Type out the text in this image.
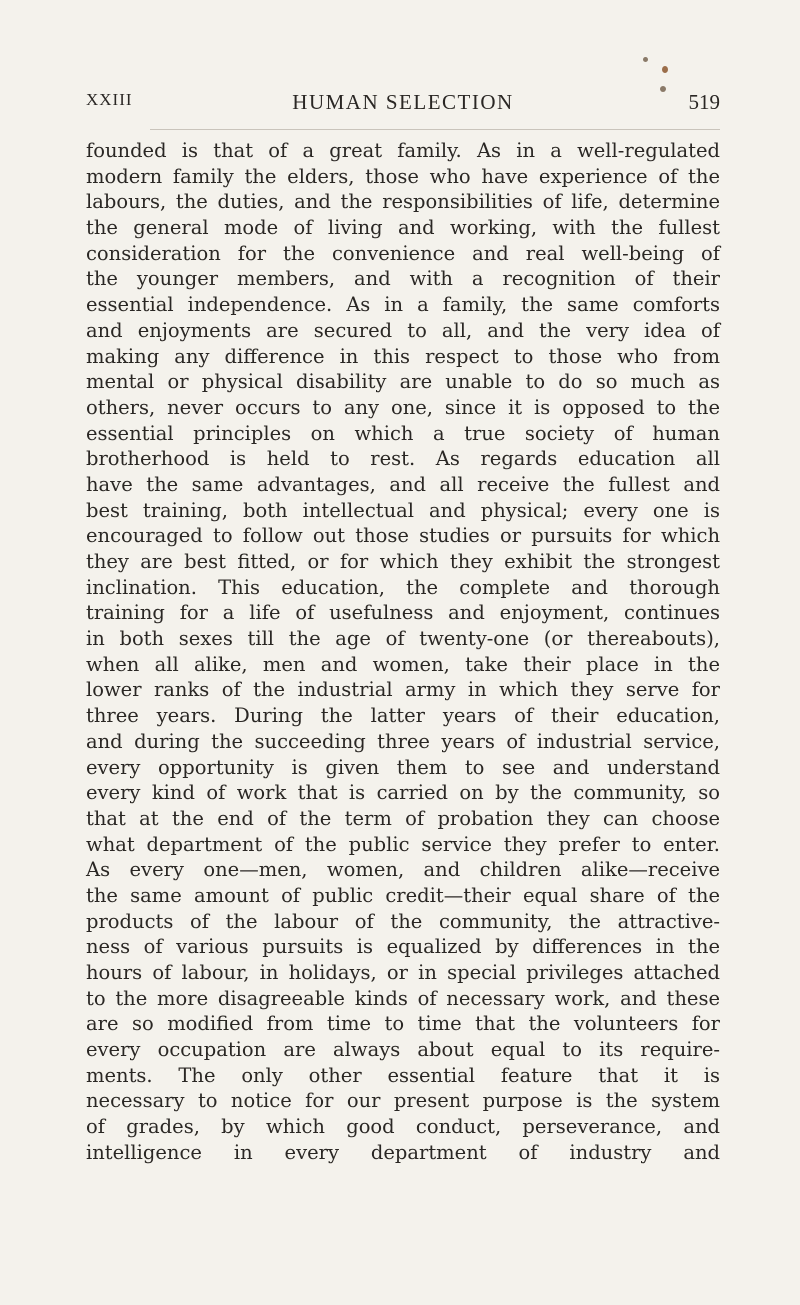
XXIII	HUMAN SELECTION	519
founded is that of a great family. As in a well-regulated
modern family the elders, those who have experience of the
labours, the duties, and the responsibilities of life, determine
the general mode of living and working, with the fullest
consideration for the convenience and real well-being of
the younger members, and with a recognition of their
essential independence. As in a family, the same comforts
and enjoyments are secured to all, and the very idea of
making any difference in this respect to those who from
mental or physical disability are unable to do so much as
others, never occurs to any one, since it is opposed to the
essential principles on which a true society of human
brotherhood is held to rest. As regards education all
have the same advantages, and all receive the fullest and
best training, both intellectual and physical; every one is
encouraged to follow out those studies or pursuits for which
they are best fitted, or for which they exhibit the strongest
inclination. This education, the complete and thorough
training for a life of usefulness and enjoyment, continues
in both sexes till the age of twenty-one (or thereabouts),
when all alike, men and women, take their place in the
lower ranks of the industrial army in which they serve for
three years. During the latter years of their education,
and during the succeeding three years of industrial service,
every opportunity is given them to see and understand
every kind of work that is carried on by the community, so
that at the end of the term of probation they can choose
what department of the public service they prefer to enter.
As every one—men, women, and children alike—receive
the same amount of public credit—their equal share of the
products of the labour of the community, the attractive-
ness of various pursuits is equalized by differences in the
hours of labour, in holidays, or in special privileges attached
to the more disagreeable kinds of necessary work, and these
are so modified from time to time that the volunteers for
every occupation are always about equal to its require-
ments. The only other essential feature that it is
necessary to notice for our present purpose is the system
of grades, by which good conduct, perseverance, and
intelligence in every department of industry and
